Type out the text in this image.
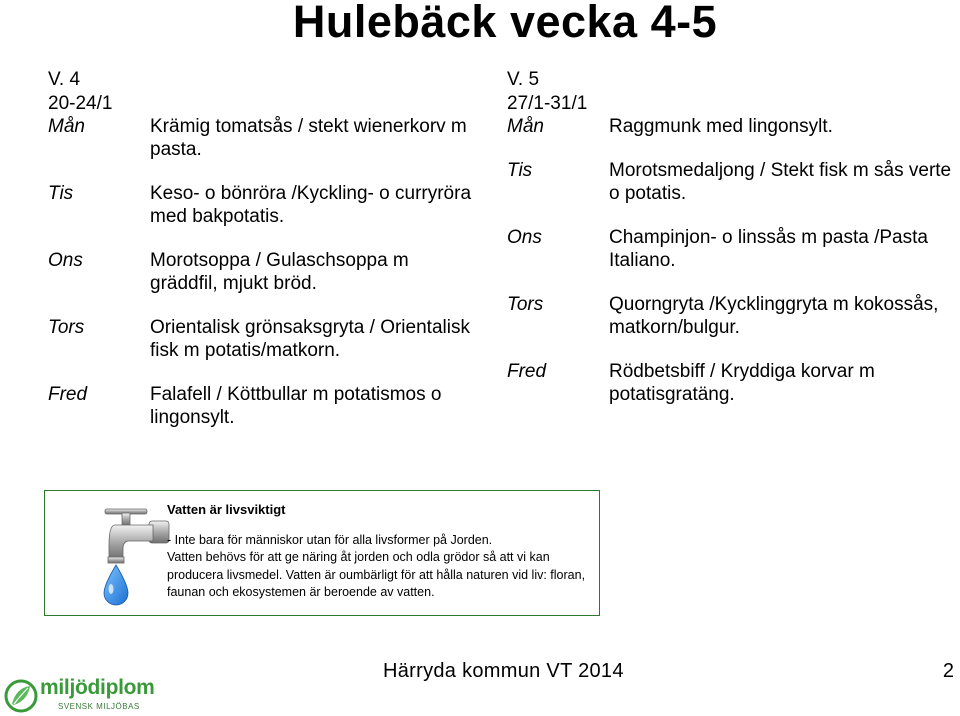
Hulebäck vecka 4-5
V. 4
20-24/1
Mån	Krämig tomatsås / stekt wienerkorv m pasta.
Tis	Keso- o bönröra /Kyckling- o curryröra med bakpotatis.
Ons	Morotsoppa / Gulaschsoppa m gräddfil, mjukt bröd.
Tors	Orientalisk grönsaksgryta / Orientalisk fisk m potatis/matkorn.
Fred	Falafell / Köttbullar m potatismos o lingonsylt.
V. 5
27/1-31/1
Mån	Raggmunk med lingonsylt.
Tis	Morotsmedaljong / Stekt fisk m sås verte o potatis.
Ons	Champinjon- o linssås m pasta /Pasta Italiano.
Tors	Quorngryta /Kycklinggryta m kokossås, matkorn/bulgur.
Fred	Rödbetsbiff / Kryddiga korvar m potatisgratäng.
Vatten är livsviktigt
- Inte bara för människor utan för alla livsformer på Jorden.
Vatten behövs för att ge näring åt jorden och odla grödor så att vi kan producera livsmedel. Vatten är oumbärligt för att hålla naturen vid liv: floran, faunan och ekosystemen är beroende av vatten.
Härryda kommun VT 2014	2
miljödiplom
SVENSK MILJÖBAS
